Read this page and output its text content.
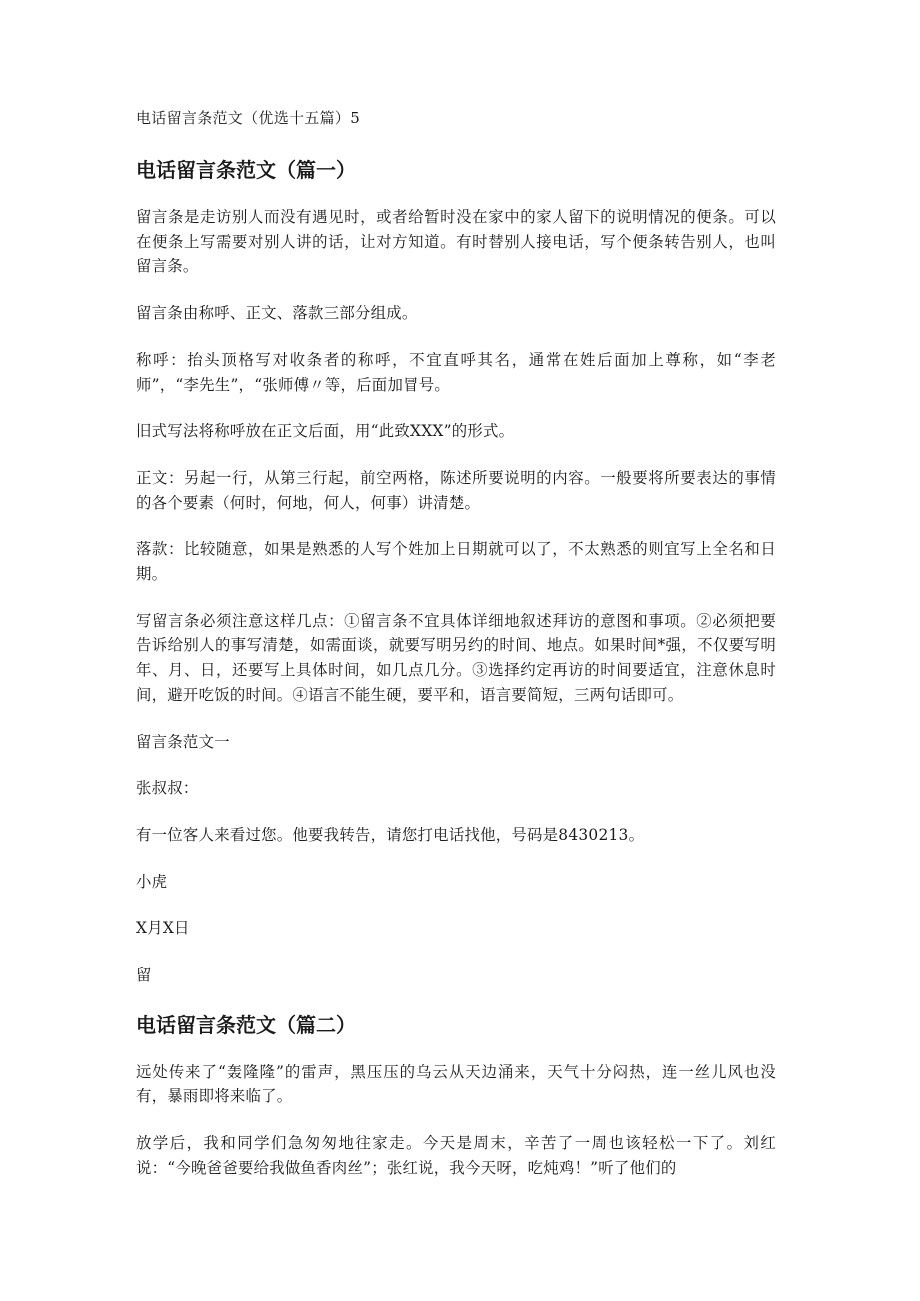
电话留言条范文（优选十五篇）5
电话留言条范文（篇一）

留言条是走访别人而没有遇见时，或者给暂时没在家中的家人留下的说明情况的便条。可以在便条上写需要对别人讲的话，让对方知道。有时替别人接电话，写个便条转告别人，也叫留言条。

留言条由称呼、正文、落款三部分组成。

称呼：抬头顶格写对收条者的称呼，不宜直呼其名，通常在姓后面加上尊称，如“李老师”，“李先生”，“张师傅〃等，后面加冒号。

旧式写法将称呼放在正文后面，用“此致XXX”的形式。

正文：另起一行，从第三行起，前空两格，陈述所要说明的内容。一般要将所要表达的事情的各个要素（何时，何地，何人，何事）讲清楚。

落款：比较随意，如果是熟悉的人写个姓加上日期就可以了，不太熟悉的则宜写上全名和日期。

写留言条必须注意这样几点：①留言条不宜具体详细地叙述拜访的意图和事项。②必须把要告诉给别人的事写清楚，如需面谈，就要写明另约的时间、地点。如果时间*强，不仅要写明年、月、日，还要写上具体时间，如几点几分。③选择约定再访的时间要适宜，注意休息时间，避开吃饭的时间。④语言不能生硬，要平和，语言要简短，三两句话即可。

留言条范文一

张叔叔：

有一位客人来看过您。他要我转告，请您打电话找他，号码是8430213。

小虎

X月X日

留

电话留言条范文（篇二）

远处传来了“轰隆隆”的雷声，黑压压的乌云从天边涌来，天气十分闷热，连一丝儿风也没有，暴雨即将来临了。

放学后，我和同学们急匆匆地往家走。今天是周末，辛苦了一周也该轻松一下了。刘红说：“今晚爸爸要给我做鱼香肉丝”；张红说，我今天呀，吃炖鸡！”听了他们的
